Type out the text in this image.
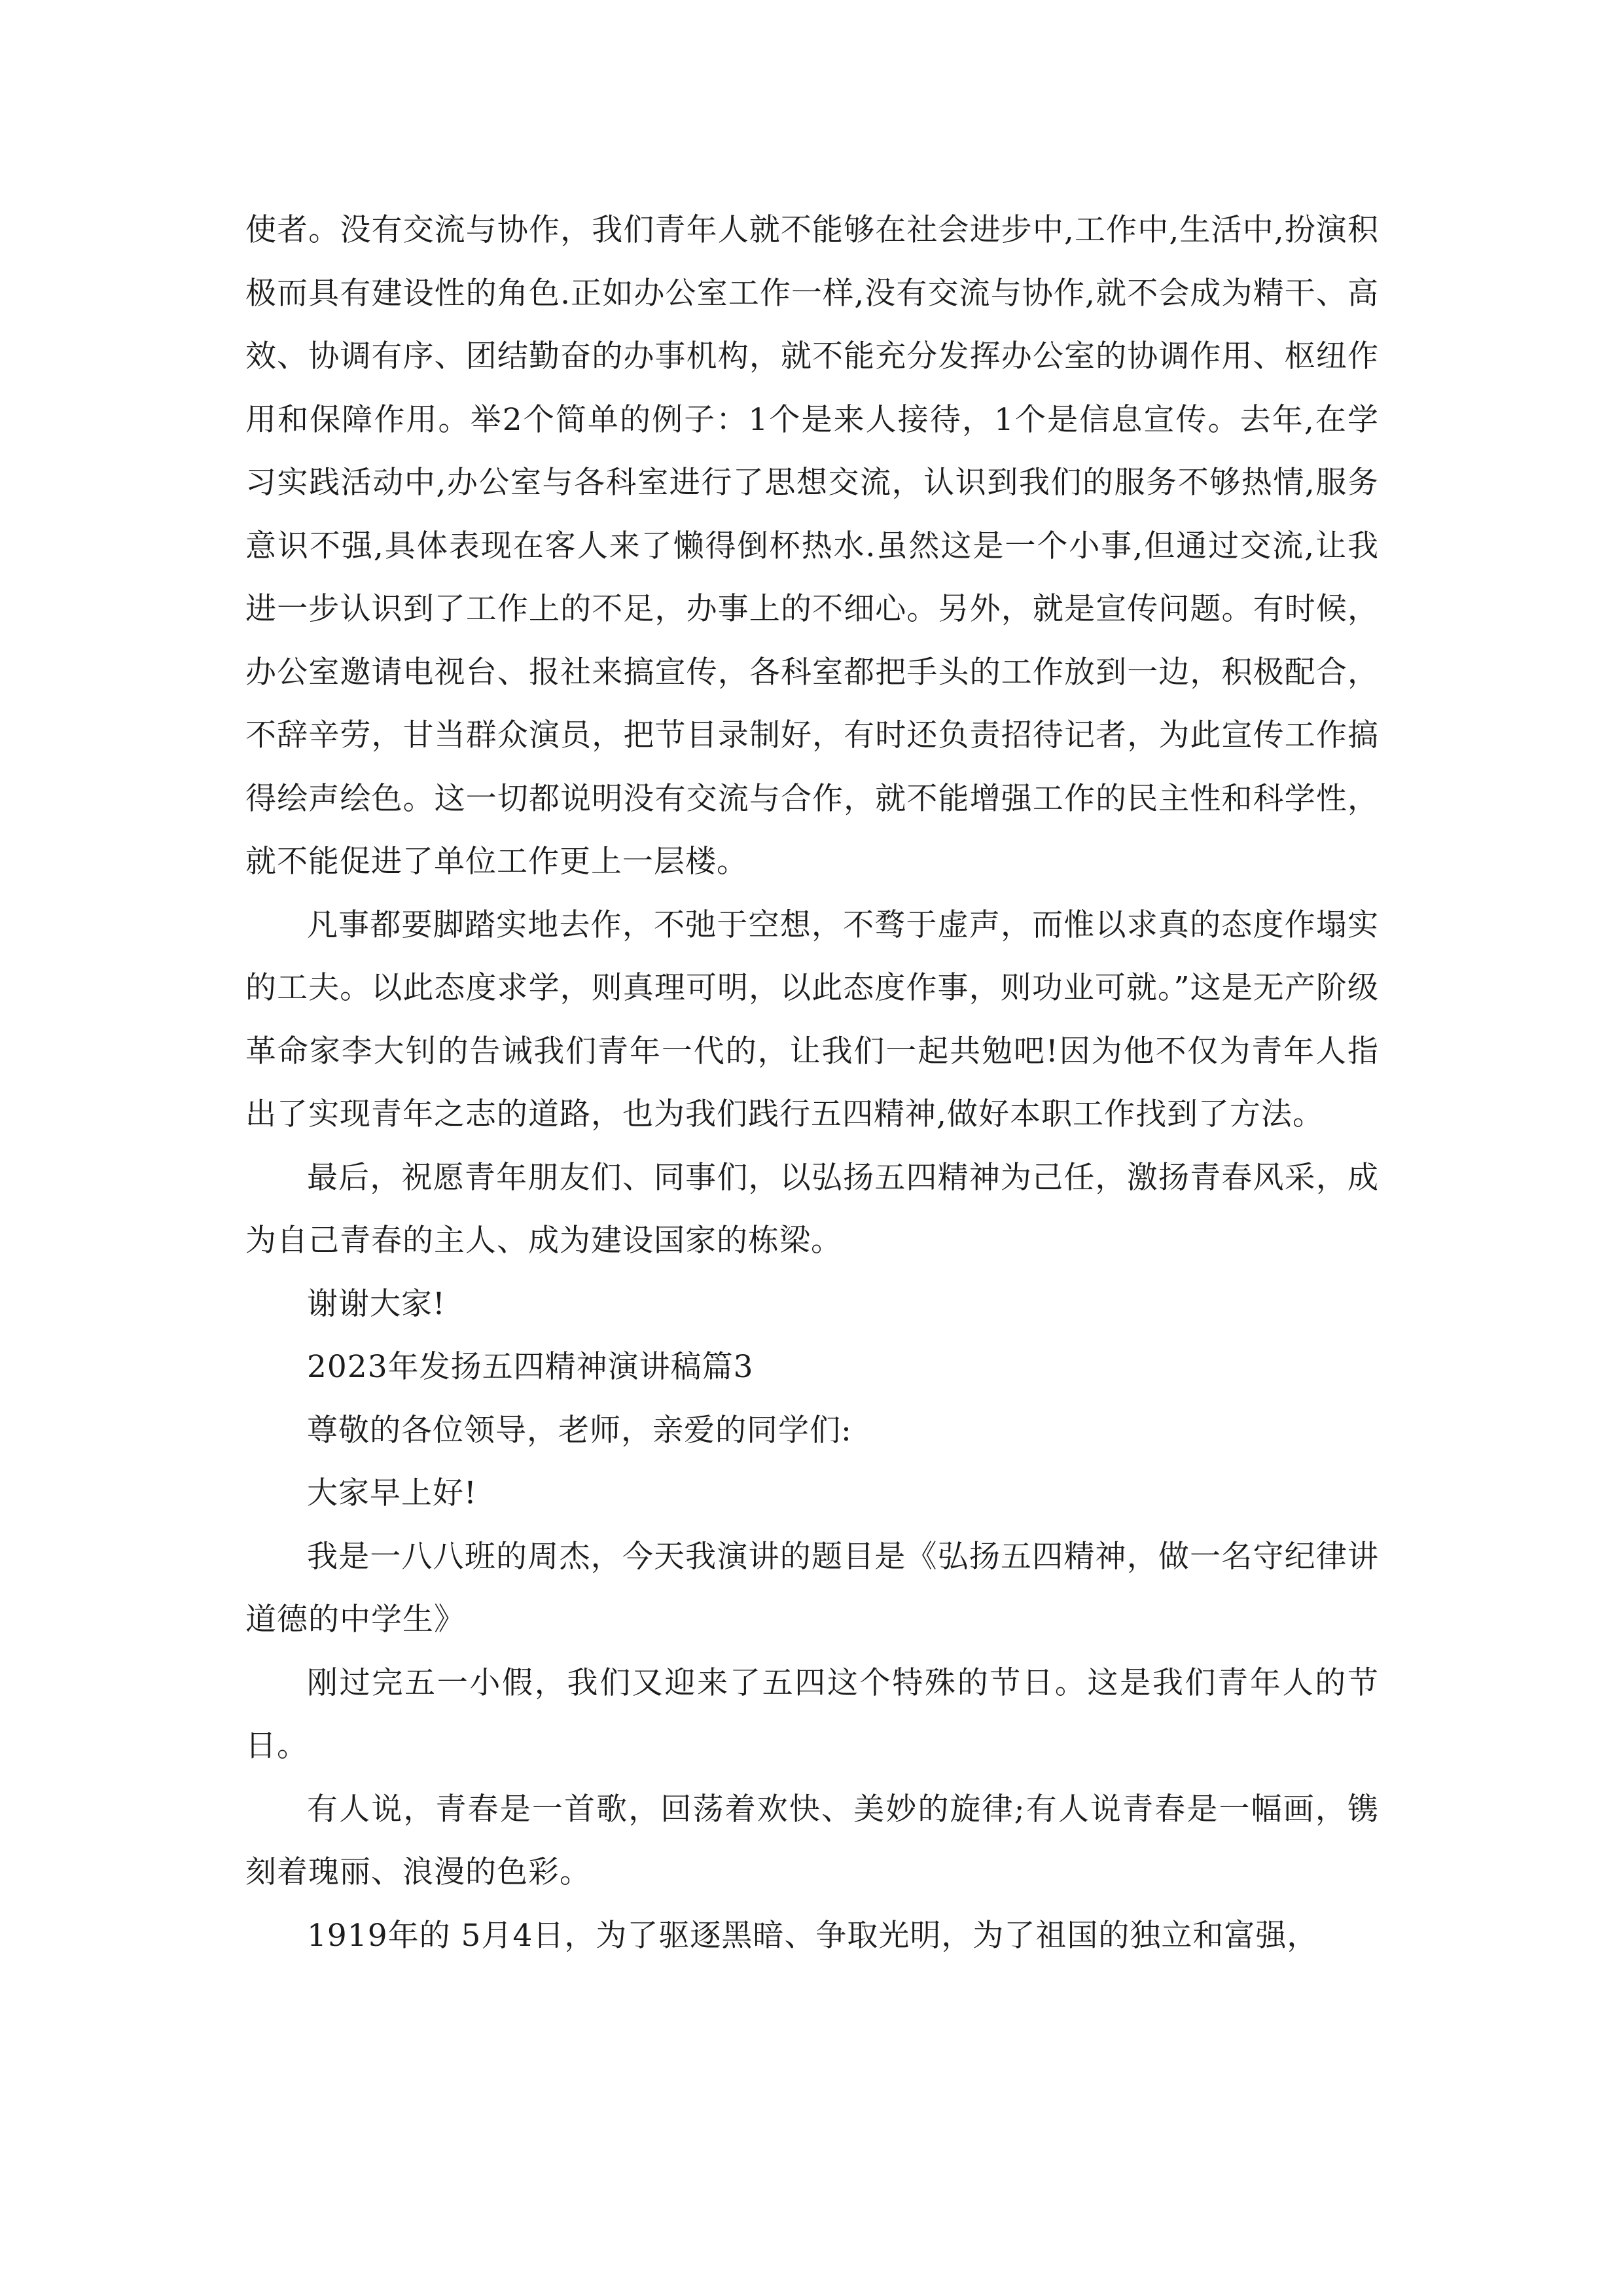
使者。没有交流与协作，我们青年人就不能够在社会进步中,工作中,生活中,扮演积极而具有建设性的角色.正如办公室工作一样,没有交流与协作,就不会成为精干、高效、协调有序、团结勤奋的办事机构，就不能充分发挥办公室的协调作用、枢纽作用和保障作用。举2个简单的例子：1个是来人接待，1个是信息宣传。去年,在学习实践活动中,办公室与各科室进行了思想交流，认识到我们的服务不够热情,服务意识不强,具体表现在客人来了懒得倒杯热水.虽然这是一个小事,但通过交流,让我进一步认识到了工作上的不足，办事上的不细心。另外，就是宣传问题。有时候，办公室邀请电视台、报社来搞宣传，各科室都把手头的工作放到一边，积极配合，不辞辛劳，甘当群众演员，把节目录制好，有时还负责招待记者，为此宣传工作搞得绘声绘色。这一切都说明没有交流与合作，就不能增强工作的民主性和科学性，就不能促进了单位工作更上一层楼。

凡事都要脚踏实地去作，不弛于空想，不骛于虚声，而惟以求真的态度作塌实的工夫。以此态度求学，则真理可明，以此态度作事，则功业可就。”这是无产阶级革命家李大钊的告诫我们青年一代的，让我们一起共勉吧!因为他不仅为青年人指出了实现青年之志的道路，也为我们践行五四精神,做好本职工作找到了方法。

最后，祝愿青年朋友们、同事们，以弘扬五四精神为己任，激扬青春风采，成为自己青春的主人、成为建设国家的栋梁。

谢谢大家!

2023年发扬五四精神演讲稿篇3

尊敬的各位领导，老师，亲爱的同学们:

大家早上好!

我是一八八班的周杰，今天我演讲的题目是《弘扬五四精神，做一名守纪律讲道德的中学生》

刚过完五一小假，我们又迎来了五四这个特殊的节日。这是我们青年人的节日。

有人说，青春是一首歌，回荡着欢快、美妙的旋律;有人说青春是一幅画，镌刻着瑰丽、浪漫的色彩。

1919年的 5月4日，为了驱逐黑暗、争取光明，为了祖国的独立和富强，
